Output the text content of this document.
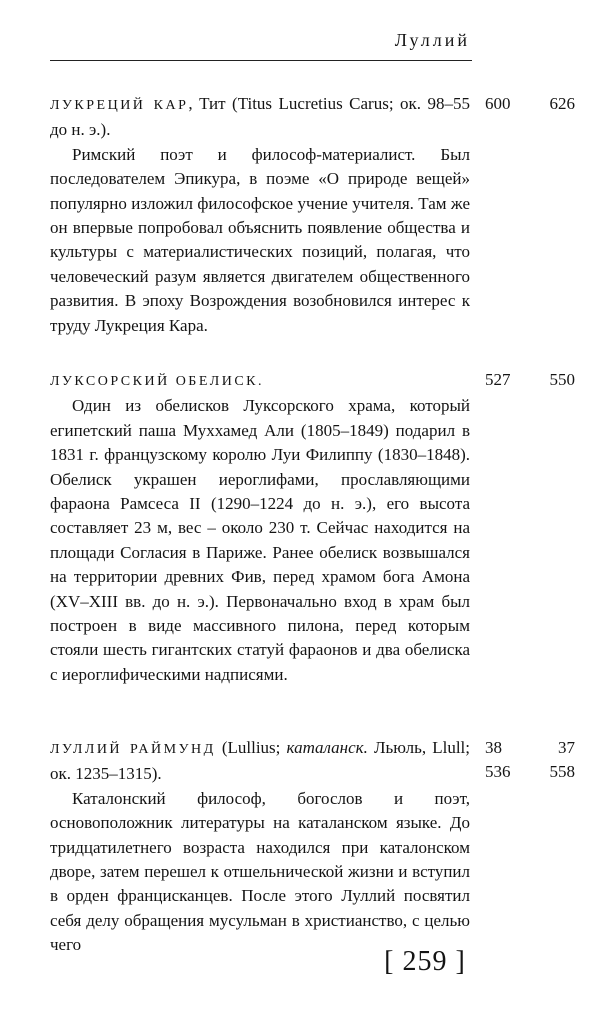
Луллий

ЛУКРЕЦИЙ КАР, Тит (Titus Lucretius Carus; ок. 98–55 до н. э.).

Римский поэт и философ-материалист. Был последователем Эпикура, в поэме «О природе вещей» популярно изложил философское учение учителя. Там же он впервые попробовал объяснить появление общества и культуры с материалистических позиций, полагая, что человеческий разум является двигателем общественного развития. В эпоху Возрождения возобновился интерес к труду Лукреция Кара.

600 626

ЛУКСОРСКИЙ ОБЕЛИСК.

Один из обелисков Луксорского храма, который египетский паша Муххамед Али (1805–1849) подарил в 1831 г. французскому королю Луи Филиппу (1830–1848). Обелиск украшен иероглифами, прославляющими фараона Рамсеса II (1290–1224 до н. э.), его высота составляет 23 м, вес – около 230 т. Сейчас находится на площади Согласия в Париже. Ранее обелиск возвышался на территории древних Фив, перед храмом бога Амона (XV–XIII вв. до н. э.). Первоначально вход в храм был построен в виде массивного пилона, перед которым стояли шесть гигантских статуй фараонов и два обелиска с иероглифическими надписями.

527 550

ЛУЛЛИЙ РАЙМУНД (Lullius; каталанск. Льюль, Llull; ок. 1235–1315).

Каталонский философ, богослов и поэт, основоположник литературы на каталанском языке. До тридцатилетнего возраста находился при каталонском дворе, затем перешел к отшельнической жизни и вступил в орден францисканцев. После этого Луллий посвятил себя делу обращения мусульман в христианство, с целью чего

38	37
536 558
[ 259 ]
